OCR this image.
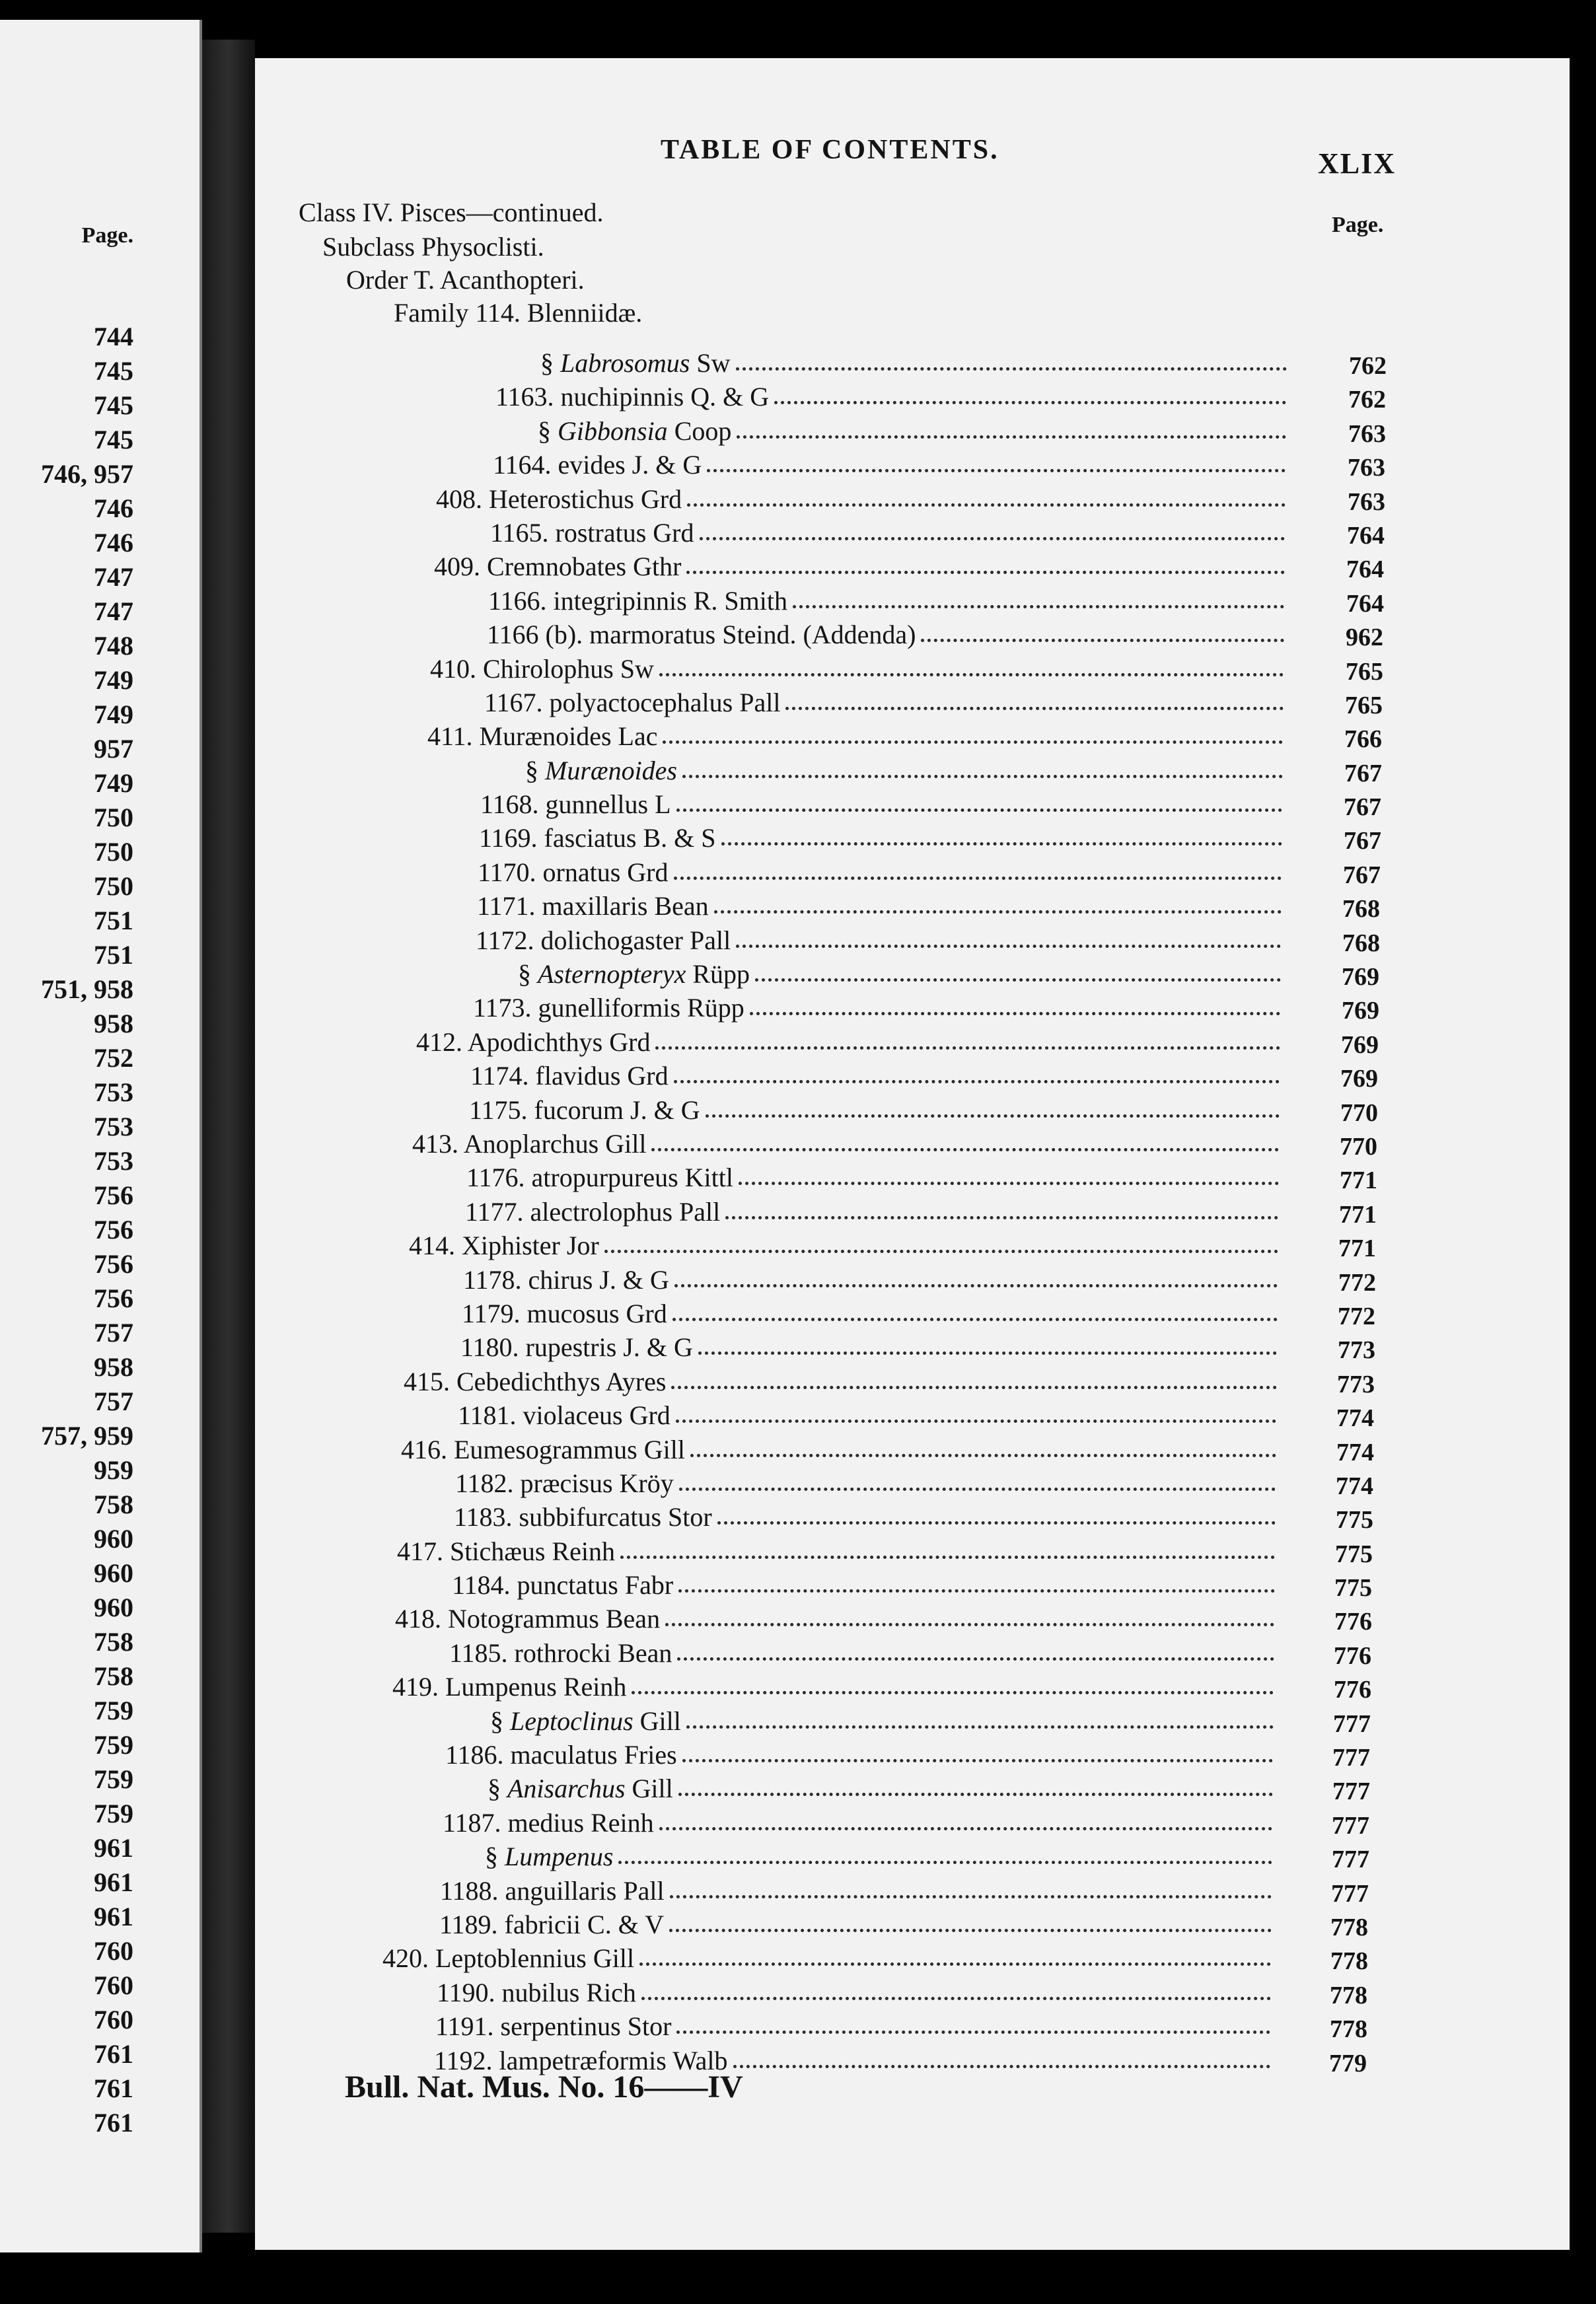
Page.
744
745
745
745
746, 957
746
746
747
747
748
749
749
957
749
750
750
750
751
751
751, 958
958
752
753
753
753
756
756
756
756
757
958
757
757, 959
959
758
960
960
960
758
758
759
759
759
759
961
961
961
760
760
760
761
761
761
TABLE OF CONTENTS.	XLIX
Page.
Class IV. Pisces—continued.
Subclass Physoclisti.
Order T. Acanthopteri.
Family 114. Blenniidæ.
§ Labrosomus Sw	762
1163. nuchipinnis Q. & G	762
§ Gibbonsia Coop	763
1164. evides J. & G	763
408. Heterostichus Grd	763
1165. rostratus Grd	764
409. Cremnobates Gthr	764
1166. integripinnis R. Smith	764
1166 (b). marmoratus Steind. (Addenda)	962
410. Chirolophus Sw	765
1167. polyactocephalus Pall	765
411. Murænoides Lac	766
§ Murænoides	767
1168. gunnellus L	767
1169. fasciatus B. & S	767
1170. ornatus Grd	767
1171. maxillaris Bean	768
1172. dolichogaster Pall	768
§ Asternopteryx Rüpp	769
1173. gunelliformis Rüpp	769
412. Apodichthys Grd	769
1174. flavidus Grd	769
1175. fucorum J. & G	770
413. Anoplarchus Gill	770
1176. atropurpureus Kittl	771
1177. alectrolophus Pall	771
414. Xiphister Jor	771
1178. chirus J. & G	772
1179. mucosus Grd	772
1180. rupestris J. & G	773
415. Cebedichthys Ayres	773
1181. violaceus Grd	774
416. Eumesogrammus Gill	774
1182. præcisus Kröy	774
1183. subbifurcatus Stor	775
417. Stichæus Reinh	775
1184. punctatus Fabr	775
418. Notogrammus Bean	776
1185. rothrocki Bean	776
419. Lumpenus Reinh	776
§ Leptoclinus Gill	777
1186. maculatus Fries	777
§ Anisarchus Gill	777
1187. medius Reinh	777
§ Lumpenus	777
1188. anguillaris Pall	777
1189. fabricii C. & V	778
420. Leptoblennius Gill	778
1190. nubilus Rich	778
1191. serpentinus Stor	778
1192. lampetræformis Walb	779
Bull. Nat. Mus. No. 16——IV
